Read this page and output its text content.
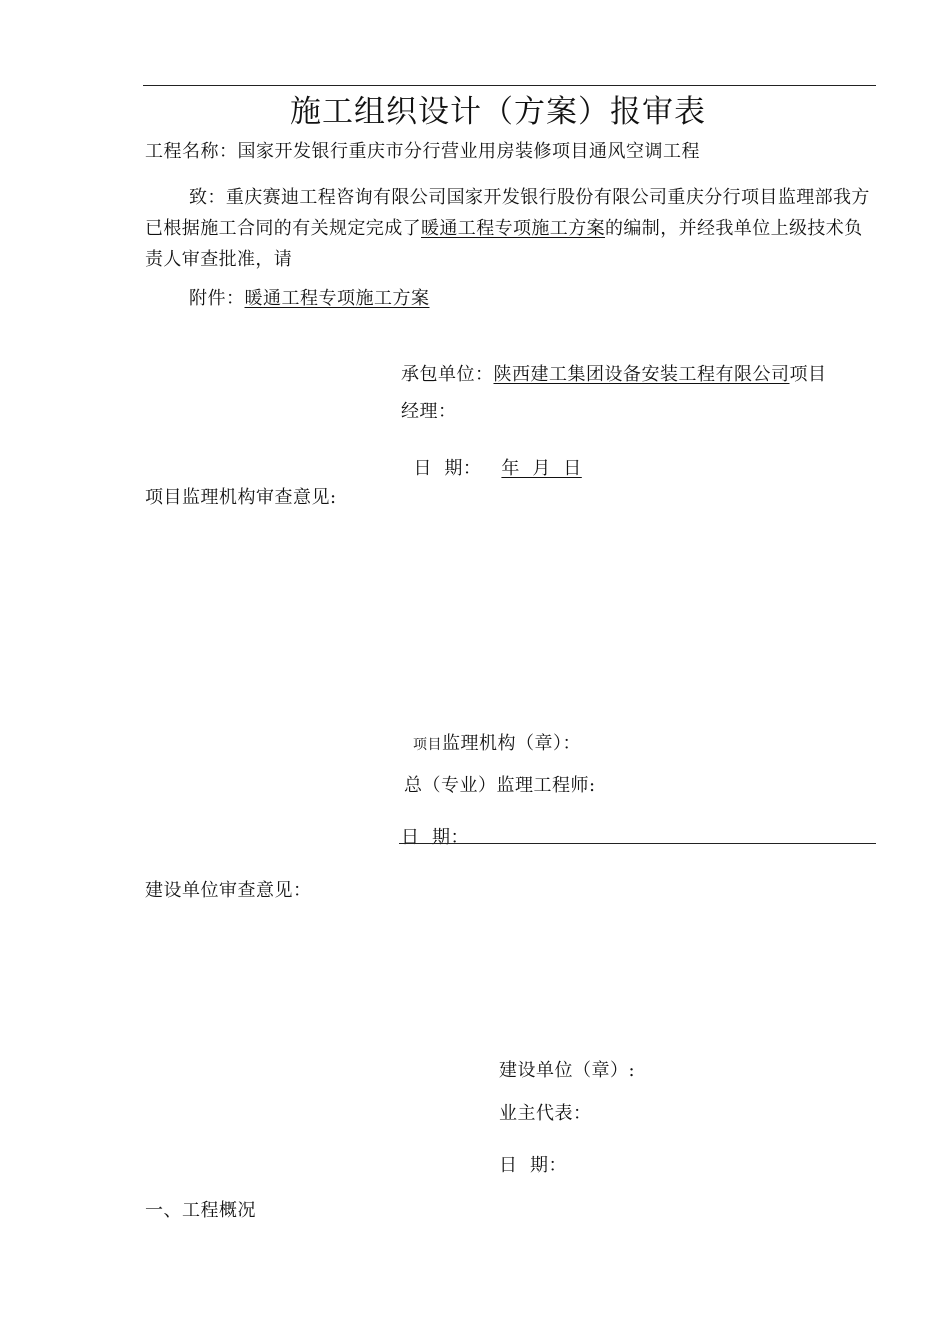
施工组织设计（方案）报审表
工程名称：国家开发银行重庆市分行营业用房装修项目通风空调工程
致：重庆赛迪工程咨询有限公司国家开发银行股份有限公司重庆分行项目监理部我方已根据施工合同的有关规定完成了暖通工程专项施工方案的编制，并经我单位上级技术负责人审查批准，请
附件：暖通工程专项施工方案
承包单位：陕西建工集团设备安装工程有限公司项目
经理：

日  期： 年  月  日

项目监理机构审查意见:
项目监理机构（章）：
总（专业）监理工程师:
日  期：
建设单位审查意见：
建设单位（章）:
业主代表：
日  期：
一、工程概况
